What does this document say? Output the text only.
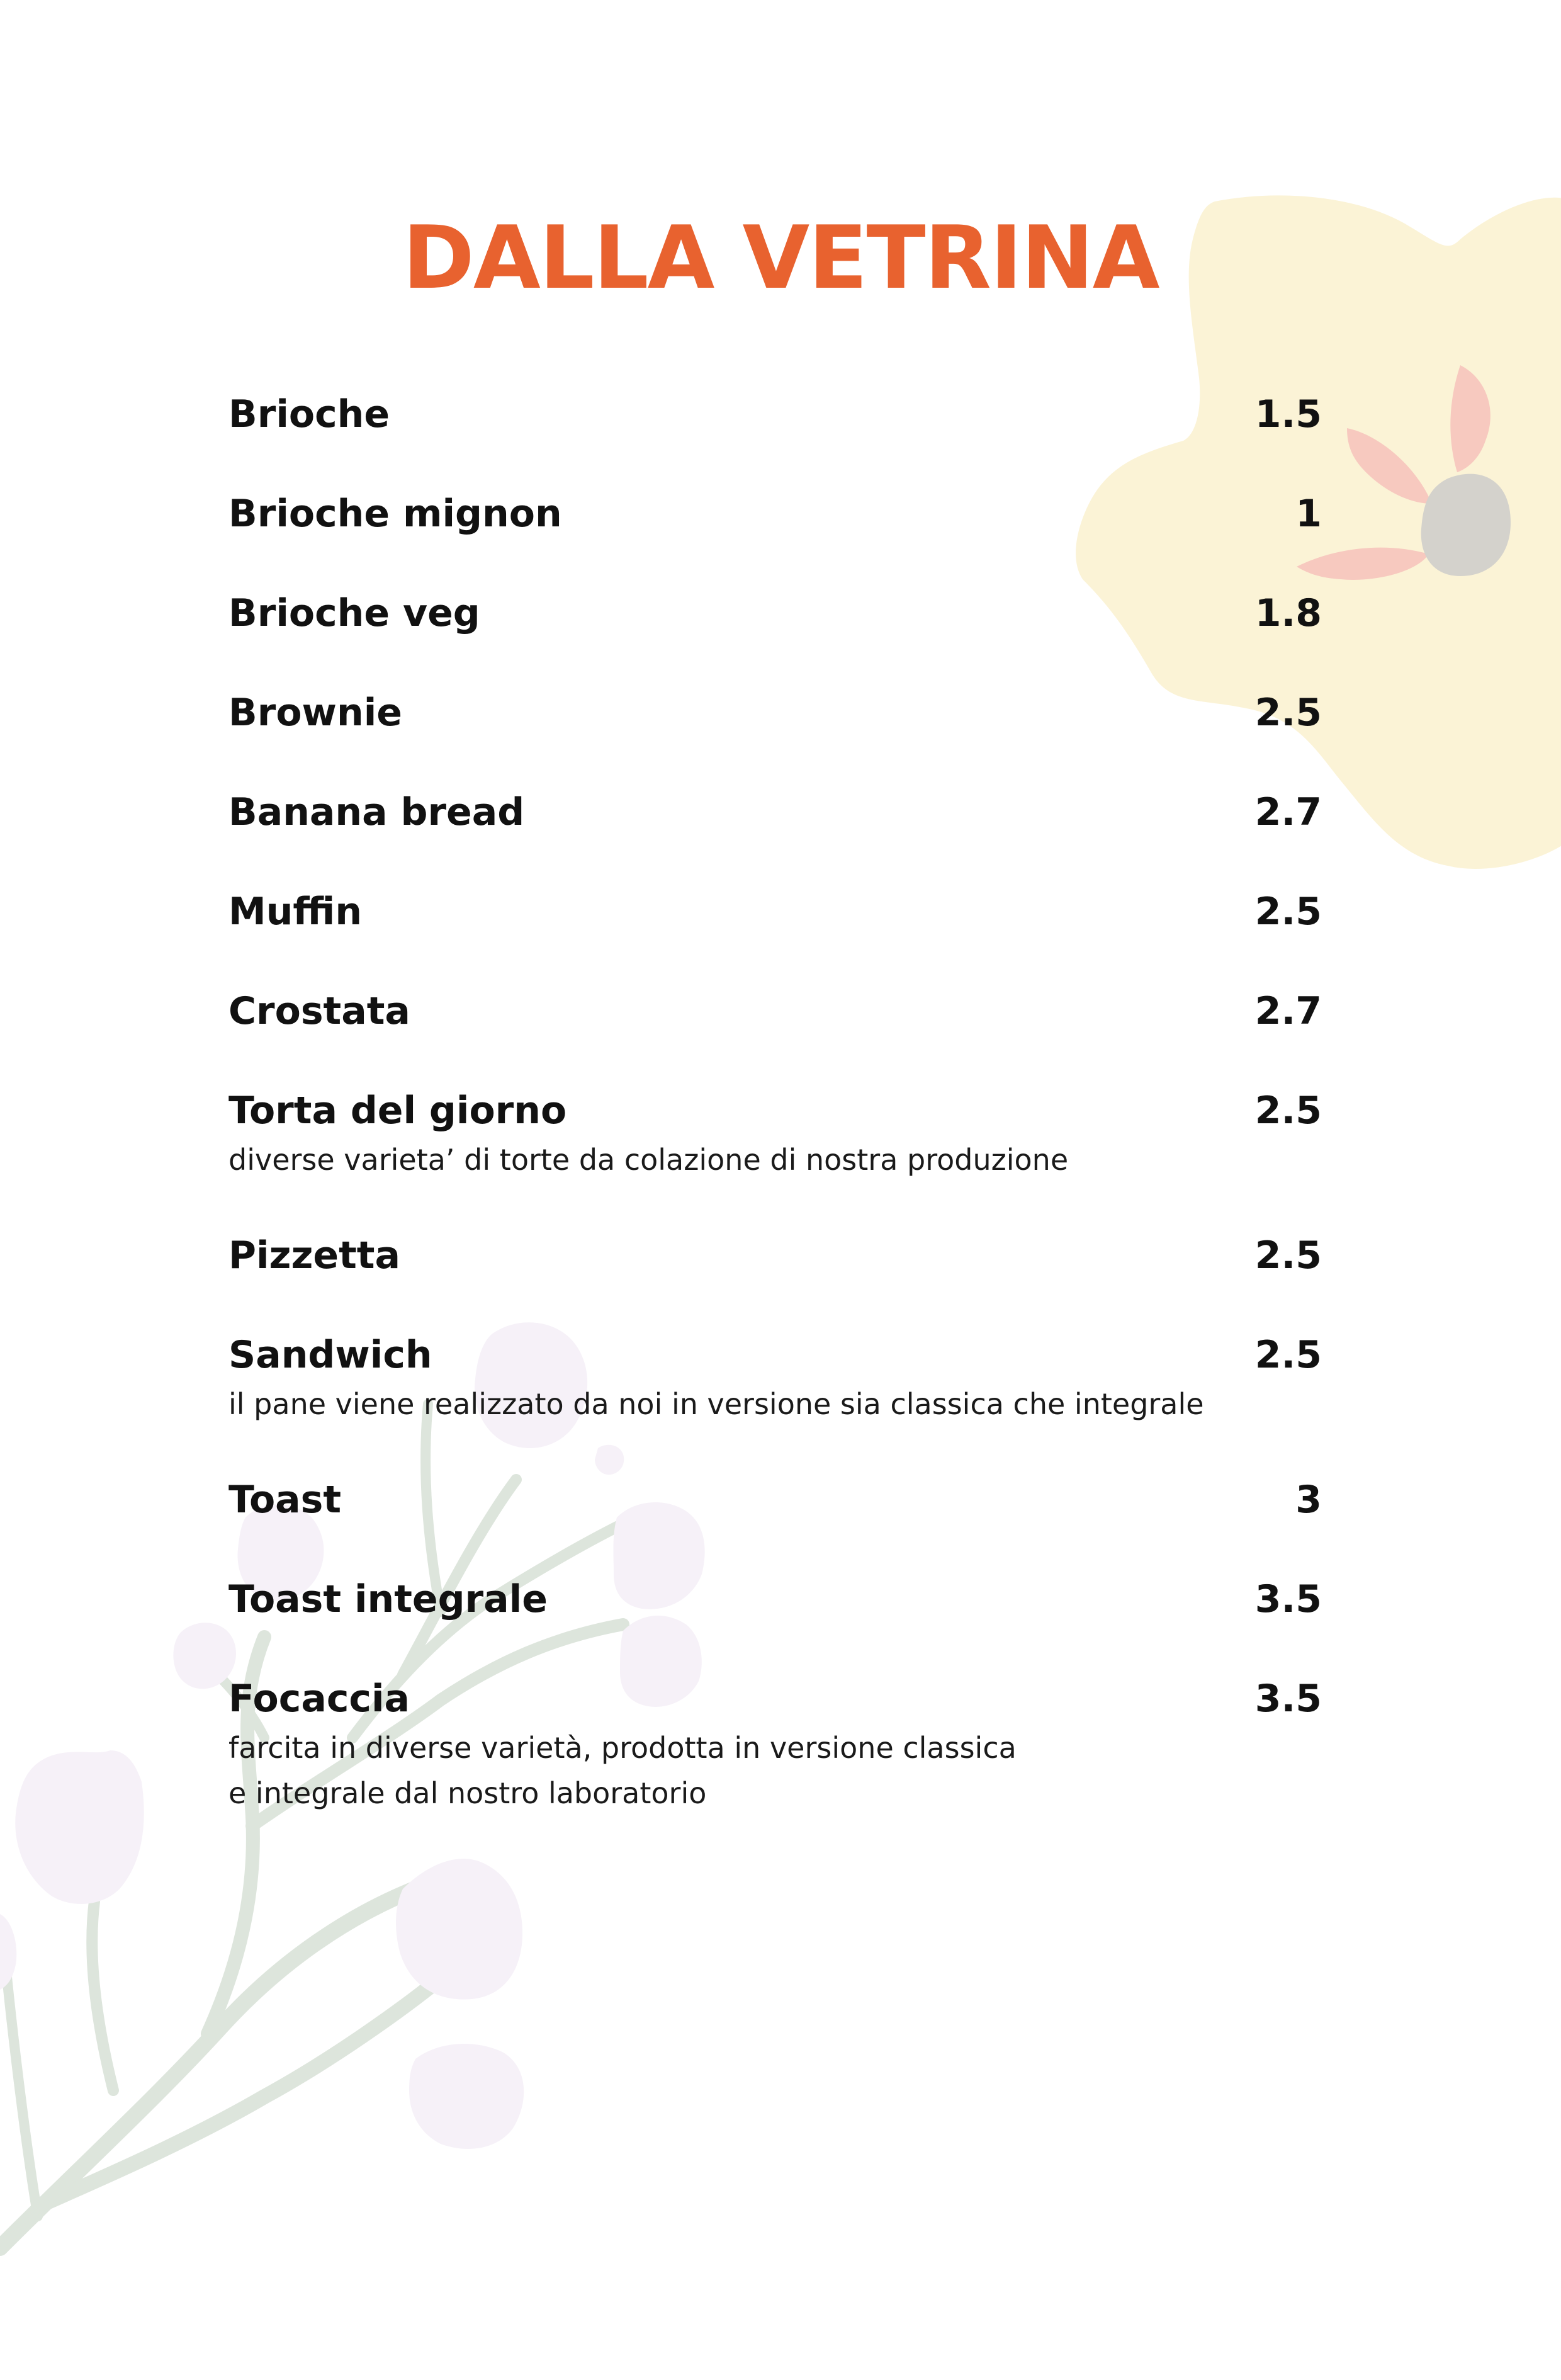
DALLA VETRINA
Brioche	1.5
Brioche mignon	1
Brioche veg	1.8
Brownie	2.5
Banana bread	2.7
Muffin	2.5
Crostata	2.7
Torta del giorno	2.5
diverse varieta’ di torte da colazione di nostra produzione
Pizzetta	2.5
Sandwich	2.5
il pane viene realizzato da noi in versione sia classica che integrale
Toast	3
Toast integrale	3.5
Focaccia	3.5
farcita in diverse varietà, prodotta in versione classica
e integrale dal nostro laboratorio
